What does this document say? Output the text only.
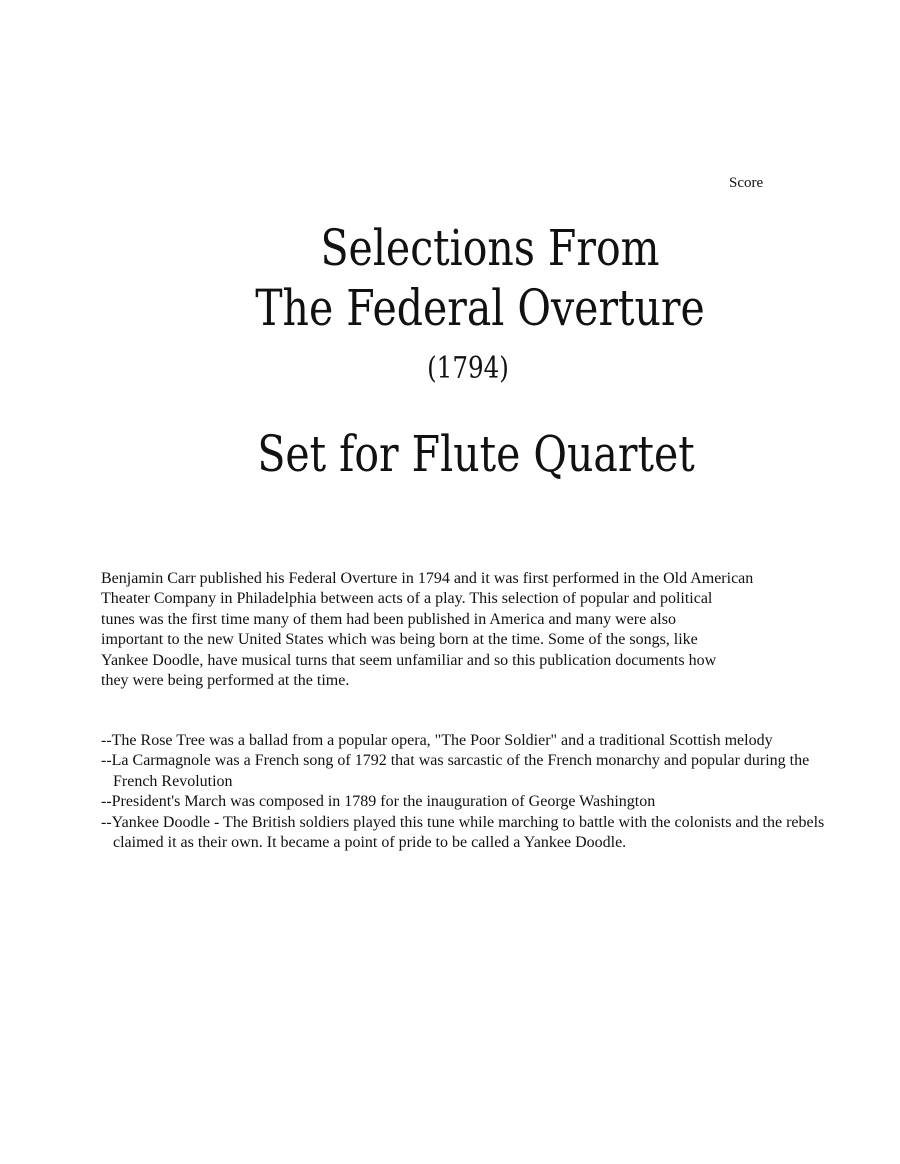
Score
Selections From
The Federal Overture
(1794)
Set for Flute Quartet

Benjamin Carr published his Federal Overture in 1794 and it was first performed in the Old American
Theater Company in Philadelphia between acts of a play. This selection of popular and political
tunes was the first time many of them had been published in America and many were also
important to the new United States which was being born at the time. Some of the songs, like
Yankee Doodle, have musical turns that seem unfamiliar and so this publication documents how
they were being performed at the time.

--The Rose Tree was a ballad from a popular opera, "The Poor Soldier" and a traditional Scottish melody
--La Carmagnole was a French song of 1792 that was sarcastic of the French monarchy and popular during the French Revolution
--President's March was composed in 1789 for the inauguration of George Washington
--Yankee Doodle - The British soldiers played this tune while marching to battle with the colonists and the rebels claimed it as their own. It became a point of pride to be called a Yankee Doodle.
